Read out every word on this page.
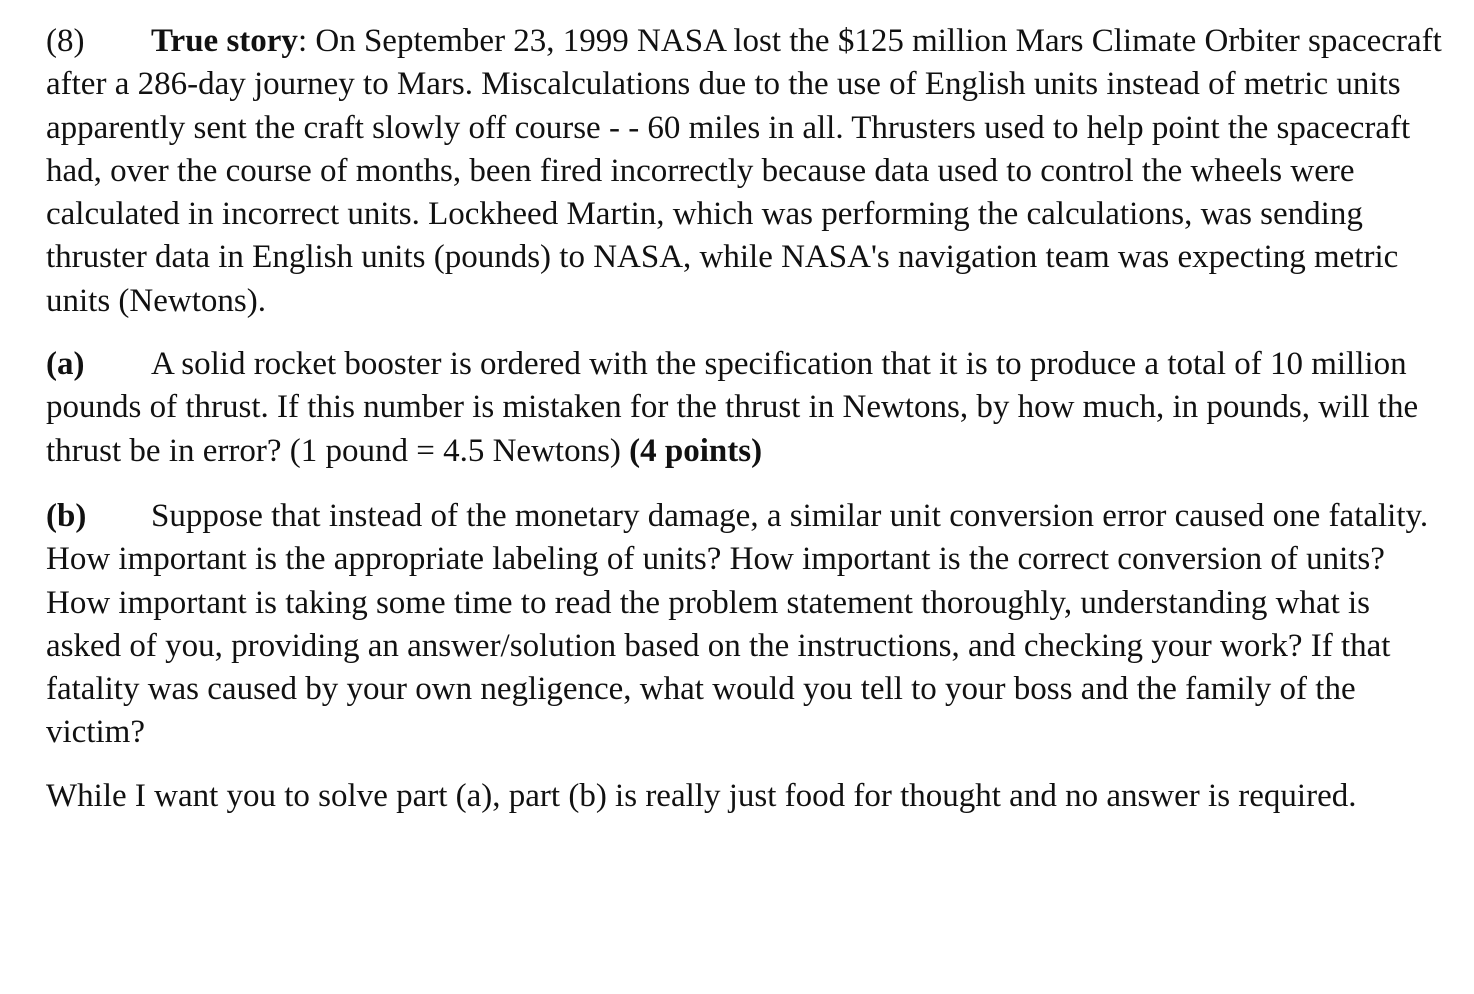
(8) True story: On September 23, 1999 NASA lost the $125 million Mars Climate Orbiter spacecraft after a 286-day journey to Mars. Miscalculations due to the use of English units instead of metric units apparently sent the craft slowly off course - - 60 miles in all. Thrusters used to help point the spacecraft had, over the course of months, been fired incorrectly because data used to control the wheels were calculated in incorrect units. Lockheed Martin, which was performing the calculations, was sending thruster data in English units (pounds) to NASA, while NASA's navigation team was expecting metric units (Newtons).

(a) A solid rocket booster is ordered with the specification that it is to produce a total of 10 million pounds of thrust. If this number is mistaken for the thrust in Newtons, by how much, in pounds, will the thrust be in error? (1 pound = 4.5 Newtons) (4 points)

(b) Suppose that instead of the monetary damage, a similar unit conversion error caused one fatality. How important is the appropriate labeling of units? How important is the correct conversion of units? How important is taking some time to read the problem statement thoroughly, understanding what is asked of you, providing an answer/solution based on the instructions, and checking your work? If that fatality was caused by your own negligence, what would you tell to your boss and the family of the victim?

While I want you to solve part (a), part (b) is really just food for thought and no answer is required.
